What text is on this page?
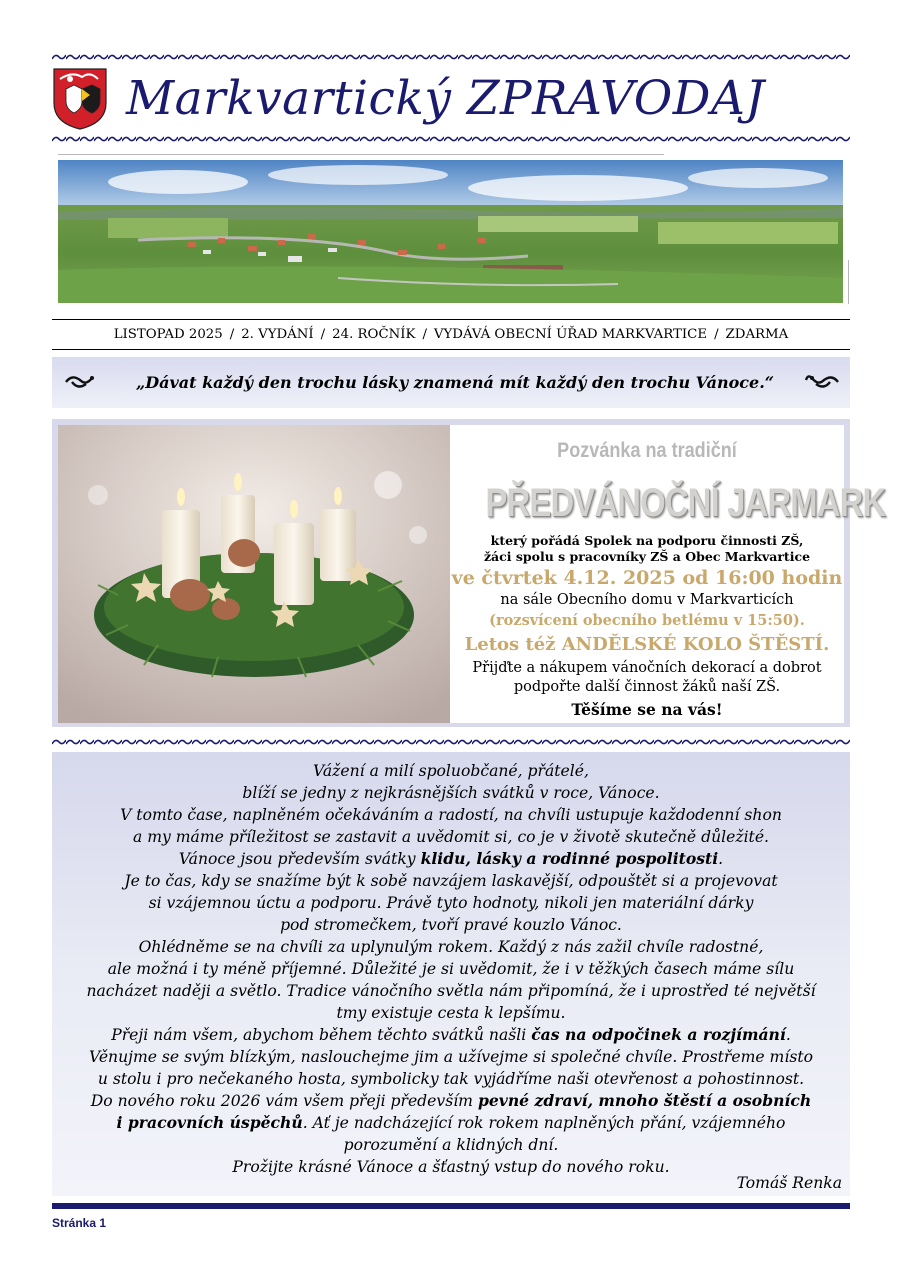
Markvartický ZPRAVODAJ
LISTOPAD 2025 / 2. VYDÁNÍ / 24. ROČNÍK / VYDÁVÁ OBECNÍ ÚŘAD MARKVARTICE / ZDARMA
„Dávat každý den trochu lásky znamená mít každý den trochu Vánoce.“
Pozvánka na tradiční
PŘEDVÁNOČNÍ JARMARK
který pořádá Spolek na podporu činnosti ZŠ,
žáci spolu s pracovníky ZŠ a Obec Markvartice
ve čtvrtek 4.12. 2025 od 16:00 hodin
na sále Obecního domu v Markvarticích
(rozsvícení obecního betlému v 15:50).
Letos též ANDĚLSKÉ KOLO ŠTĚSTÍ.
Přijďte a nákupem vánočních dekorací a dobrot
podpořte další činnost žáků naší ZŠ.
Těšíme se na vás!
Vážení a milí spoluobčané, přátelé,
blíží se jedny z nejkrásnějších svátků v roce, Vánoce.
V tomto čase, naplněném očekáváním a radostí, na chvíli ustupuje každodenní shon
a my máme příležitost se zastavit a uvědomit si, co je v životě skutečně důležité.
Vánoce jsou především svátky klidu, lásky a rodinné pospolitosti.
Je to čas, kdy se snažíme být k sobě navzájem laskavější, odpouštět si a projevovat
si vzájemnou úctu a podporu. Právě tyto hodnoty, nikoli jen materiální dárky
pod stromečkem, tvoří pravé kouzlo Vánoc.
Ohlédněme se na chvíli za uplynulým rokem. Každý z nás zažil chvíle radostné,
ale možná i ty méně příjemné. Důležité je si uvědomit, že i v těžkých časech máme sílu
nacházet naději a světlo. Tradice vánočního světla nám připomíná, že i uprostřed té největší
tmy existuje cesta k lepšímu.
Přeji nám všem, abychom během těchto svátků našli čas na odpočinek a rozjímání.
Věnujme se svým blízkým, naslouchejme jim a užívejme si společné chvíle. Prostřeme místo
u stolu i pro nečekaného hosta, symbolicky tak vyjádříme naši otevřenost a pohostinnost.
Do nového roku 2026 vám všem přeji především pevné zdraví, mnoho štěstí a osobních
i pracovních úspěchů. Ať je nadcházející rok rokem naplněných přání, vzájemného
porozumění a klidných dní.
Prožijte krásné Vánoce a šťastný vstup do nového roku.
Tomáš Renka
Stránka 1
